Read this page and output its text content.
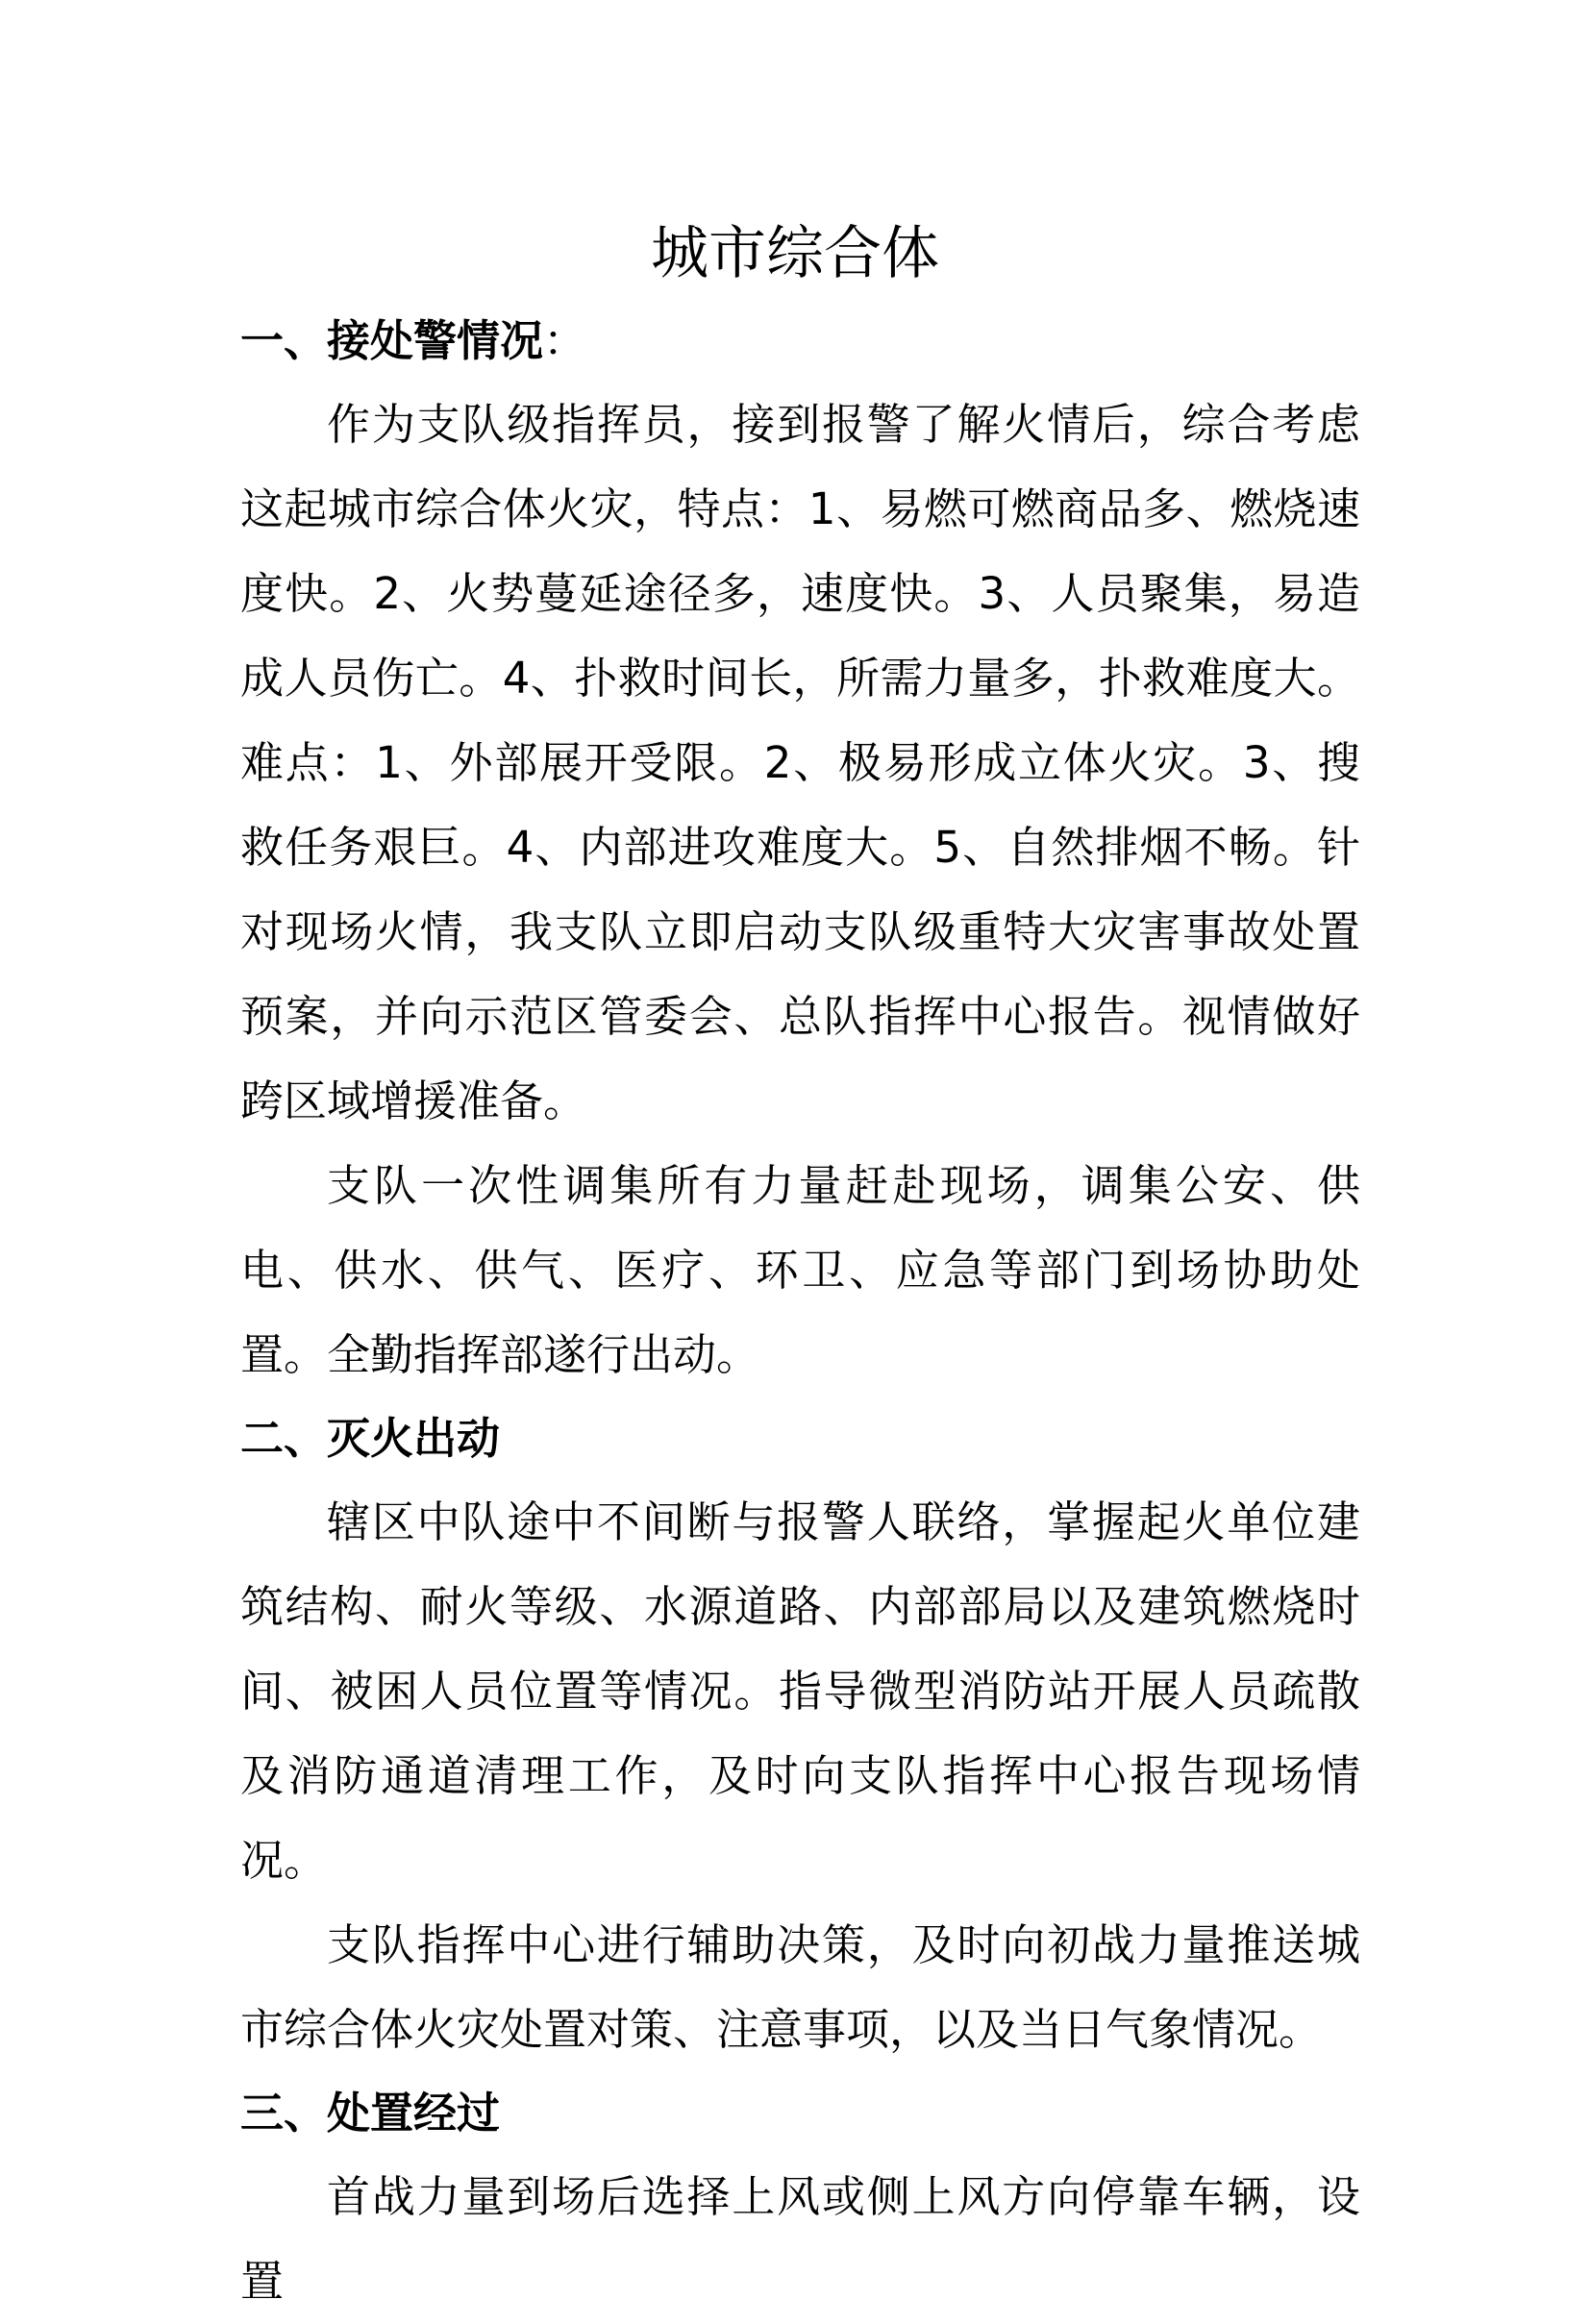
城市综合体

一、接处警情况：

作为支队级指挥员，接到报警了解火情后，综合考虑这起城市综合体火灾，特点：1、易燃可燃商品多、燃烧速度快。2、火势蔓延途径多，速度快。3、人员聚集，易造成人员伤亡。4、扑救时间长，所需力量多，扑救难度大。难点：1、外部展开受限。2、极易形成立体火灾。3、搜救任务艰巨。4、内部进攻难度大。5、自然排烟不畅。针对现场火情，我支队立即启动支队级重特大灾害事故处置预案，并向示范区管委会、总队指挥中心报告。视情做好跨区域增援准备。

支队一次性调集所有力量赶赴现场，调集公安、供电、供水、供气、医疗、环卫、应急等部门到场协助处置。全勤指挥部遂行出动。

二、灭火出动

辖区中队途中不间断与报警人联络，掌握起火单位建筑结构、耐火等级、水源道路、内部部局以及建筑燃烧时间、被困人员位置等情况。指导微型消防站开展人员疏散及消防通道清理工作，及时向支队指挥中心报告现场情况。

支队指挥中心进行辅助决策，及时向初战力量推送城市综合体火灾处置对策、注意事项，以及当日气象情况。

三、处置经过

首战力量到场后选择上风或侧上风方向停靠车辆，设置
